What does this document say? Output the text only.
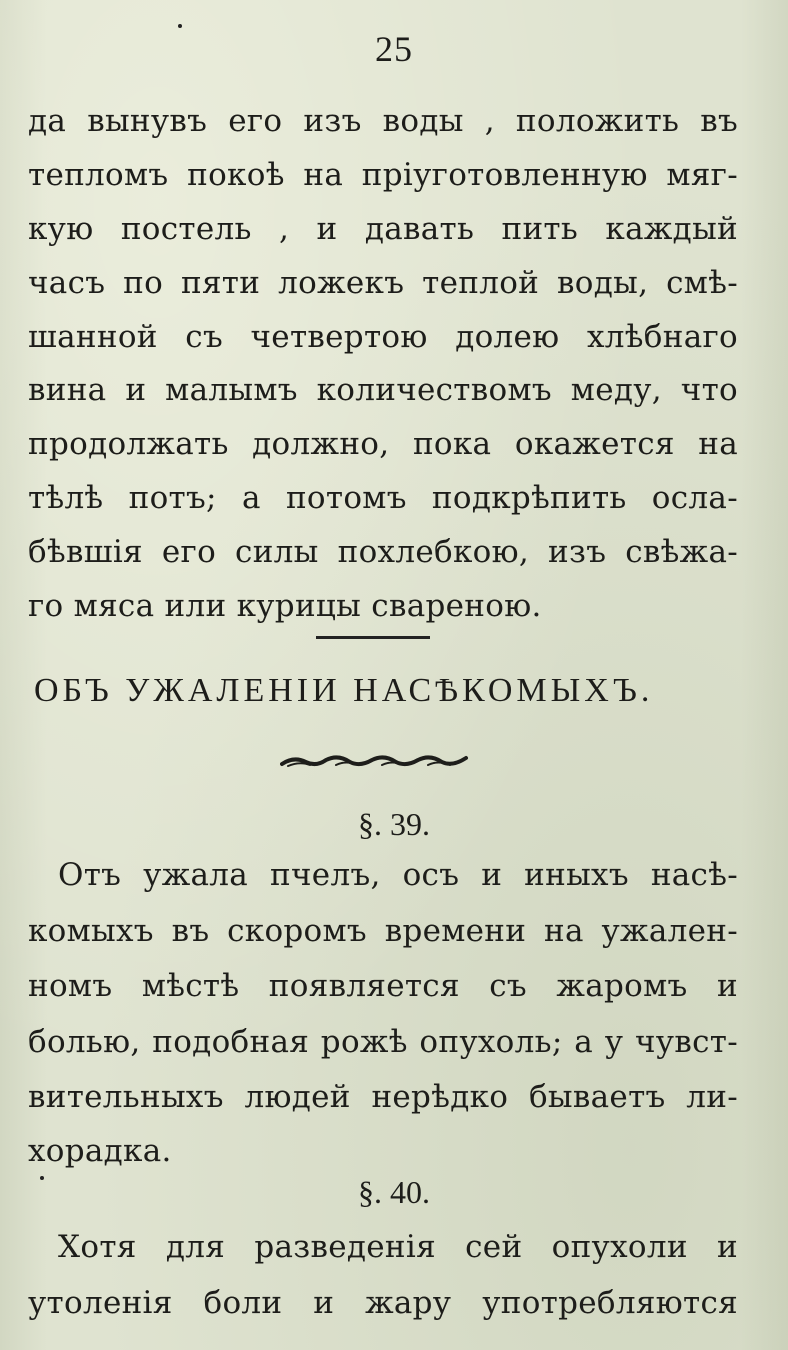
25
да вынувъ его изъ воды , положить въ
тепломъ покоѣ на пріуготовленную мяг-
кую постель , и давать пить каждый
часъ по пяти ложекъ теплой воды, смѣ-
шанной съ четвертою долею хлѣбнаго
вина и малымъ количествомъ меду, что
продолжать должно, пока окажется на
тѣлѣ потъ; а потомъ подкрѣпить осла-
бѣвшія его силы похлебкою, изъ свѣжа-
го мяса или курицы свареною.
ОБЪ УЖАЛЕНІИ НАСѢКОМЫХЪ.
§. 39.
Отъ ужала пчелъ, осъ и иныхъ насѣ-
комыхъ въ скоромъ времени на ужален-
номъ мѣстѣ появляется съ жаромъ и
болью, подобная рожѣ опухоль; а у чувст-
вительныхъ людей нерѣдко бываетъ ли-
хорадка.
§. 40.
Хотя для разведенія сей опухоли и
утоленія боли и жару употребляются
